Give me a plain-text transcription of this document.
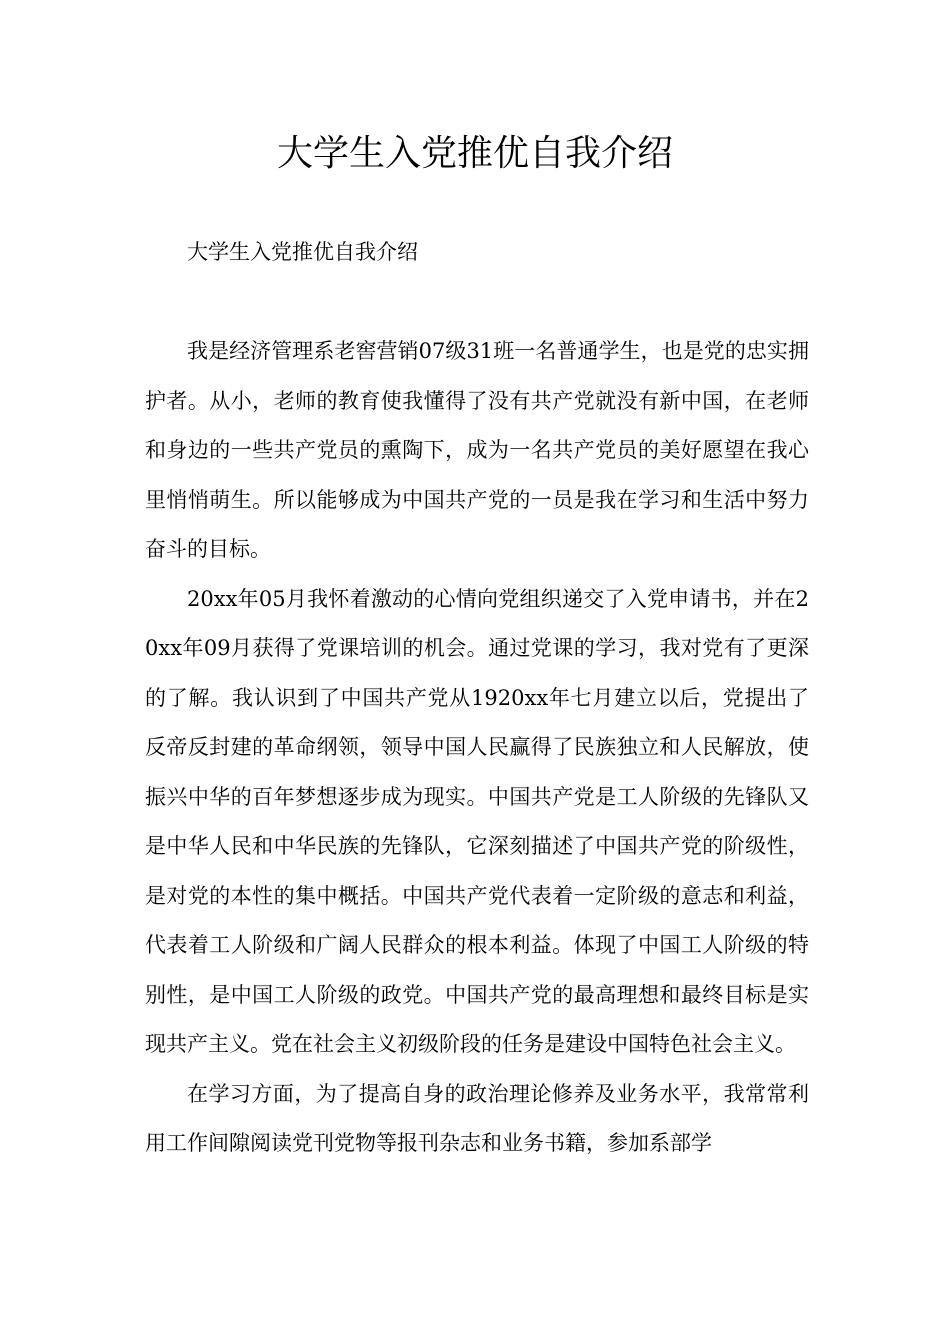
大学生入党推优自我介绍

大学生入党推优自我介绍

我是经济管理系老窖营销07级31班一名普通学生，也是党的忠实拥护者。从小，老师的教育使我懂得了没有共产党就没有新中国，在老师和身边的一些共产党员的熏陶下，成为一名共产党员的美好愿望在我心里悄悄萌生。所以能够成为中国共产党的一员是我在学习和生活中努力奋斗的目标。

20xx年05月我怀着激动的心情向党组织递交了入党申请书，并在20xx年09月获得了党课培训的机会。通过党课的学习，我对党有了更深的了解。我认识到了中国共产党从1920xx年七月建立以后，党提出了反帝反封建的革命纲领，领导中国人民赢得了民族独立和人民解放，使振兴中华的百年梦想逐步成为现实。中国共产党是工人阶级的先锋队又是中华人民和中华民族的先锋队，它深刻描述了中国共产党的阶级性，是对党的本性的集中概括。中国共产党代表着一定阶级的意志和利益，代表着工人阶级和广阔人民群众的根本利益。体现了中国工人阶级的特别性，是中国工人阶级的政党。中国共产党的最高理想和最终目标是实现共产主义。党在社会主义初级阶段的任务是建设中国特色社会主义。

在学习方面，为了提高自身的政治理论修养及业务水平，我常常利用工作间隙阅读党刊党物等报刊杂志和业务书籍，参加系部学
